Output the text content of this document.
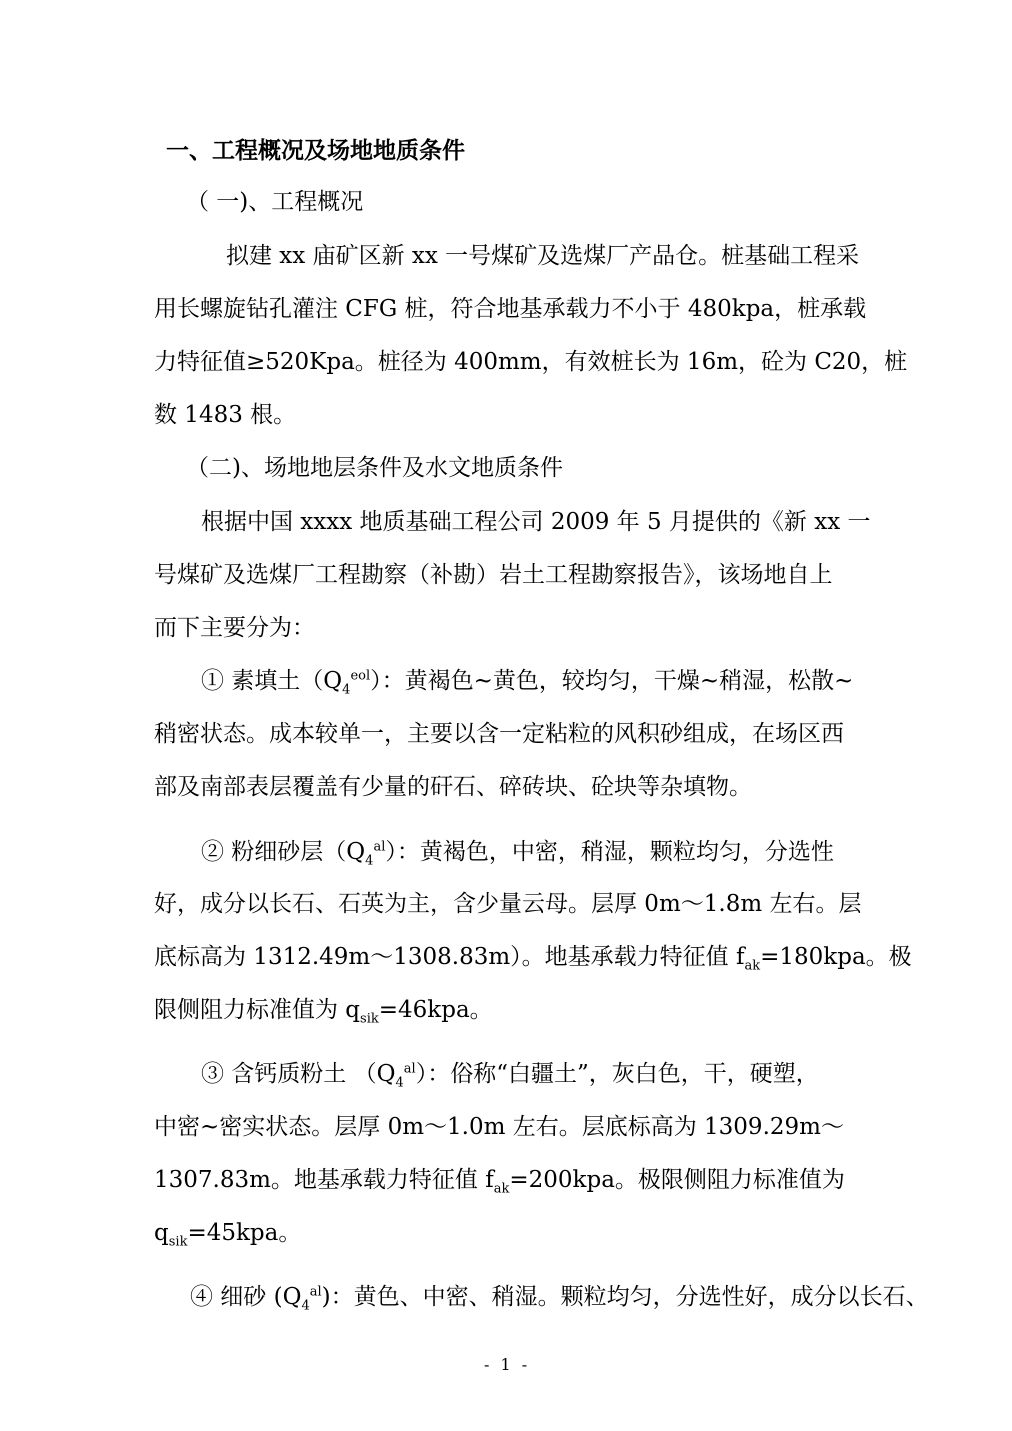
一、工程概况及场地地质条件
（ 一)、工程概况
拟建 xx 庙矿区新 xx 一号煤矿及选煤厂产品仓。桩基础工程采
用长螺旋钻孔灌注 CFG 桩，符合地基承载力不小于 480kpa，桩承载
力特征值≥520Kpa。桩径为 400mm，有效桩长为 16m，砼为 C20，桩
数 1483 根。
（二)、场地地层条件及水文地质条件
根据中国 xxxx 地质基础工程公司 2009 年 5 月提供的《新 xx 一
号煤矿及选煤厂工程勘察（补勘）岩土工程勘察报告》，该场地自上
而下主要分为：
① 素填土$(Q_4^{eol})$：黄褐色~黄色，较均匀，干燥~稍湿，松散~
稍密状态。成本较单一，主要以含一定粘粒的风积砂组成，在场区西
部及南部表层覆盖有少量的矸石、碎砖块、砼块等杂填物。
② 粉细砂层$(Q_4^{al})$：黄褐色，中密，稍湿，颗粒均匀，分选性
好，成分以长石、石英为主，含少量云母。层厚 0m～1.8m 左右。层
底标高为 1312.49m～1308.83m）。地基承载力特征值 $f_{ak}=180kpa$。极
限侧阻力标准值为 $q_{sik}=46kpa$。
③ 含钙质粉土 $(Q_4^{al})$：俗称“白疆土”，灰白色，干，硬塑，
中密~密实状态。层厚 0m～1.0m 左右。层底标高为 1309.29m～
1307.83m。地基承载力特征值 $f_{ak}=200kpa$。极限侧阻力标准值为
$q_{sik}=45kpa$。
④ 细砂 $(Q_4^{al})$：黄色、中密、稍湿。颗粒均匀，分选性好，成分以长石、
- 1 -
